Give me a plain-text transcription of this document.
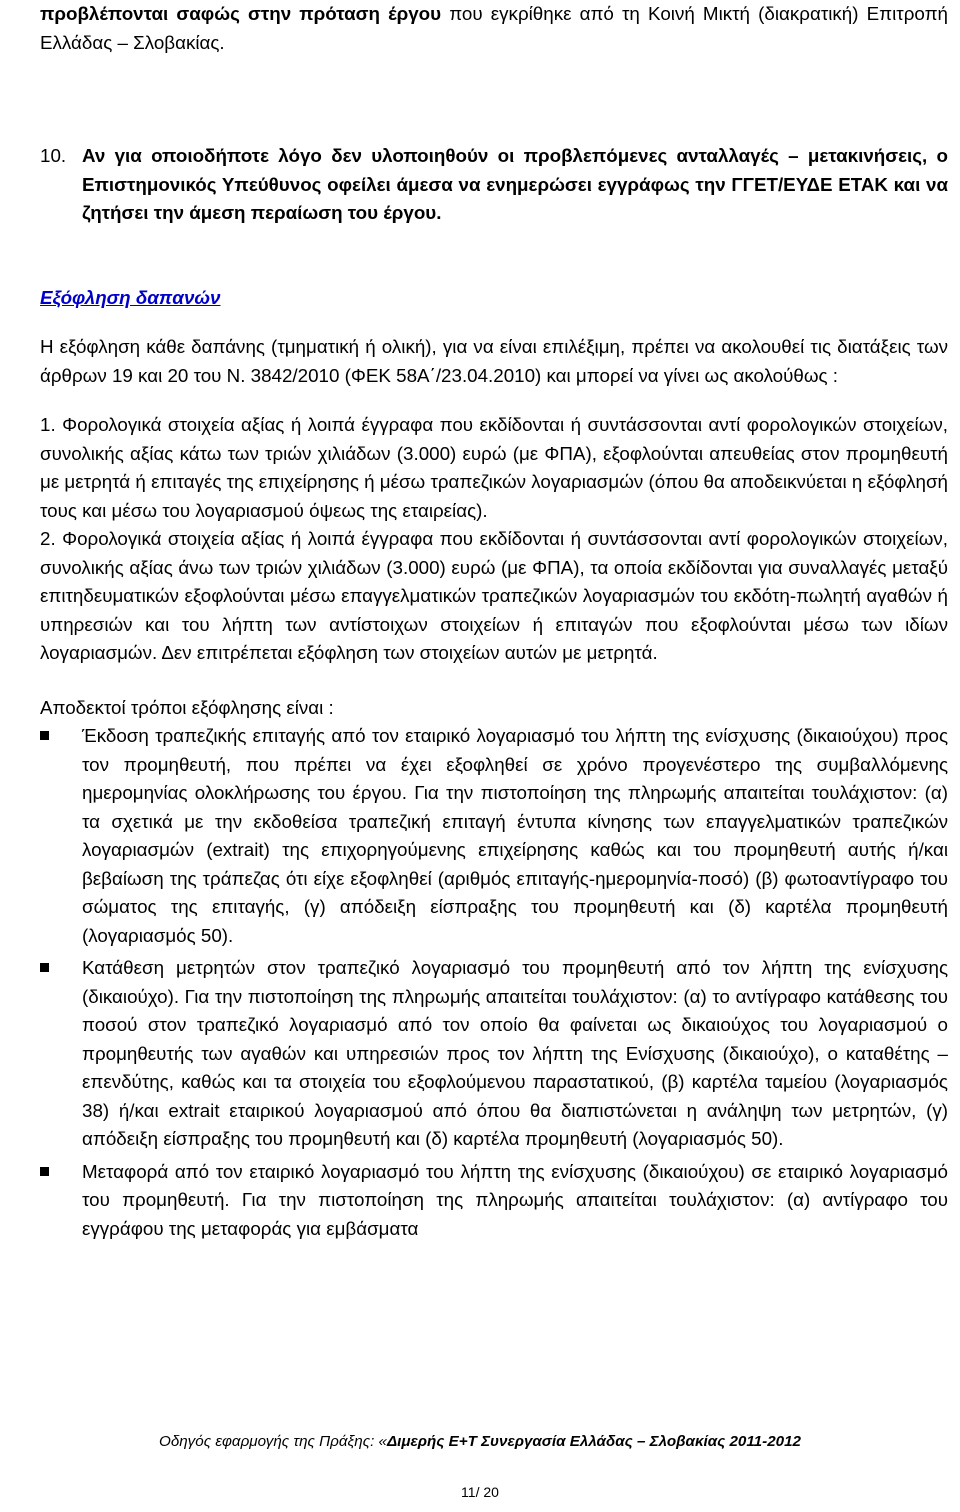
προβλέπονται σαφώς στην πρόταση έργου που εγκρίθηκε από τη Κοινή Μικτή (διακρατική) Επιτροπή Ελλάδας – Σλοβακίας.

10. Αν για οποιοδήποτε λόγο δεν υλοποιηθούν οι προβλεπόμενες ανταλλαγές – μετακινήσεις, ο Επιστημονικός Υπεύθυνος οφείλει άμεσα να ενημερώσει εγγράφως την ΓΓΕΤ/ΕΥΔΕ ΕΤΑΚ και να ζητήσει την άμεση περαίωση του έργου.

Εξόφληση δαπανών

Η εξόφληση κάθε δαπάνης (τμηματική ή ολική), για να είναι επιλέξιμη, πρέπει να ακολουθεί τις διατάξεις των άρθρων 19 και 20 του Ν. 3842/2010 (ΦΕΚ 58Α΄/23.04.2010) και μπορεί να γίνει ως ακολούθως :

1. Φορολογικά στοιχεία αξίας ή λοιπά έγγραφα που εκδίδονται ή συντάσσονται αντί φορολογικών στοιχείων, συνολικής αξίας κάτω των τριών χιλιάδων (3.000) ευρώ (με ΦΠΑ), εξοφλούνται απευθείας στον προμηθευτή με μετρητά ή επιταγές της επιχείρησης ή μέσω τραπεζικών λογαριασμών (όπου θα αποδεικνύεται η εξόφλησή τους και μέσω του λογαριασμού όψεως της εταιρείας).

2. Φορολογικά στοιχεία αξίας ή λοιπά έγγραφα που εκδίδονται ή συντάσσονται αντί φορολογικών στοιχείων, συνολικής αξίας άνω των τριών χιλιάδων (3.000) ευρώ (με ΦΠΑ), τα οποία εκδίδονται για συναλλαγές μεταξύ επιτηδευματικών εξοφλούνται μέσω επαγγελματικών τραπεζικών λογαριασμών του εκδότη-πωλητή αγαθών ή υπηρεσιών και του λήπτη των αντίστοιχων στοιχείων ή επιταγών που εξοφλούνται μέσω των ιδίων λογαριασμών. Δεν επιτρέπεται εξόφληση των στοιχείων αυτών με μετρητά.

Αποδεκτοί τρόποι εξόφλησης είναι :

Έκδοση τραπεζικής επιταγής από τον εταιρικό λογαριασμό του λήπτη της ενίσχυσης (δικαιούχου) προς τον προμηθευτή, που πρέπει να έχει εξοφληθεί σε χρόνο προγενέστερο της συμβαλλόμενης ημερομηνίας ολοκλήρωσης του έργου. Για την πιστοποίηση της πληρωμής απαιτείται τουλάχιστον: (α) τα σχετικά με την εκδοθείσα τραπεζική επιταγή έντυπα κίνησης των επαγγελματικών τραπεζικών λογαριασμών (extrait) της επιχορηγούμενης επιχείρησης καθώς και του προμηθευτή αυτής ή/και βεβαίωση της τράπεζας ότι είχε εξοφληθεί (αριθμός επιταγής-ημερομηνία-ποσό) (β) φωτοαντίγραφο του σώματος της επιταγής, (γ) απόδειξη είσπραξης του προμηθευτή και (δ) καρτέλα προμηθευτή (λογαριασμός 50).
Κατάθεση μετρητών στον τραπεζικό λογαριασμό του προμηθευτή από τον λήπτη της ενίσχυσης (δικαιούχο). Για την πιστοποίηση της πληρωμής απαιτείται τουλάχιστον: (α) το αντίγραφο κατάθεσης του ποσού στον τραπεζικό λογαριασμό από τον οποίο θα φαίνεται ως δικαιούχος του λογαριασμού ο προμηθευτής των αγαθών και υπηρεσιών προς τον λήπτη της Ενίσχυσης (δικαιούχο), ο καταθέτης – επενδύτης, καθώς και τα στοιχεία του εξοφλούμενου παραστατικού, (β) καρτέλα ταμείου (λογαριασμός 38) ή/και extrait εταιρικού λογαριασμού από όπου θα διαπιστώνεται η ανάληψη των μετρητών, (γ) απόδειξη είσπραξης του προμηθευτή και (δ) καρτέλα προμηθευτή (λογαριασμός 50).
Μεταφορά από τον εταιρικό λογαριασμό του λήπτη της ενίσχυσης (δικαιούχου) σε εταιρικό λογαριασμό του προμηθευτή. Για την πιστοποίηση της πληρωμής απαιτείται τουλάχιστον: (α) αντίγραφο του εγγράφου της μεταφοράς για εμβάσματα
Οδηγός εφαρμογής της Πράξης: «Διμερής Ε+Τ Συνεργασία Ελλάδας – Σλοβακίας 2011-2012
11/ 20
